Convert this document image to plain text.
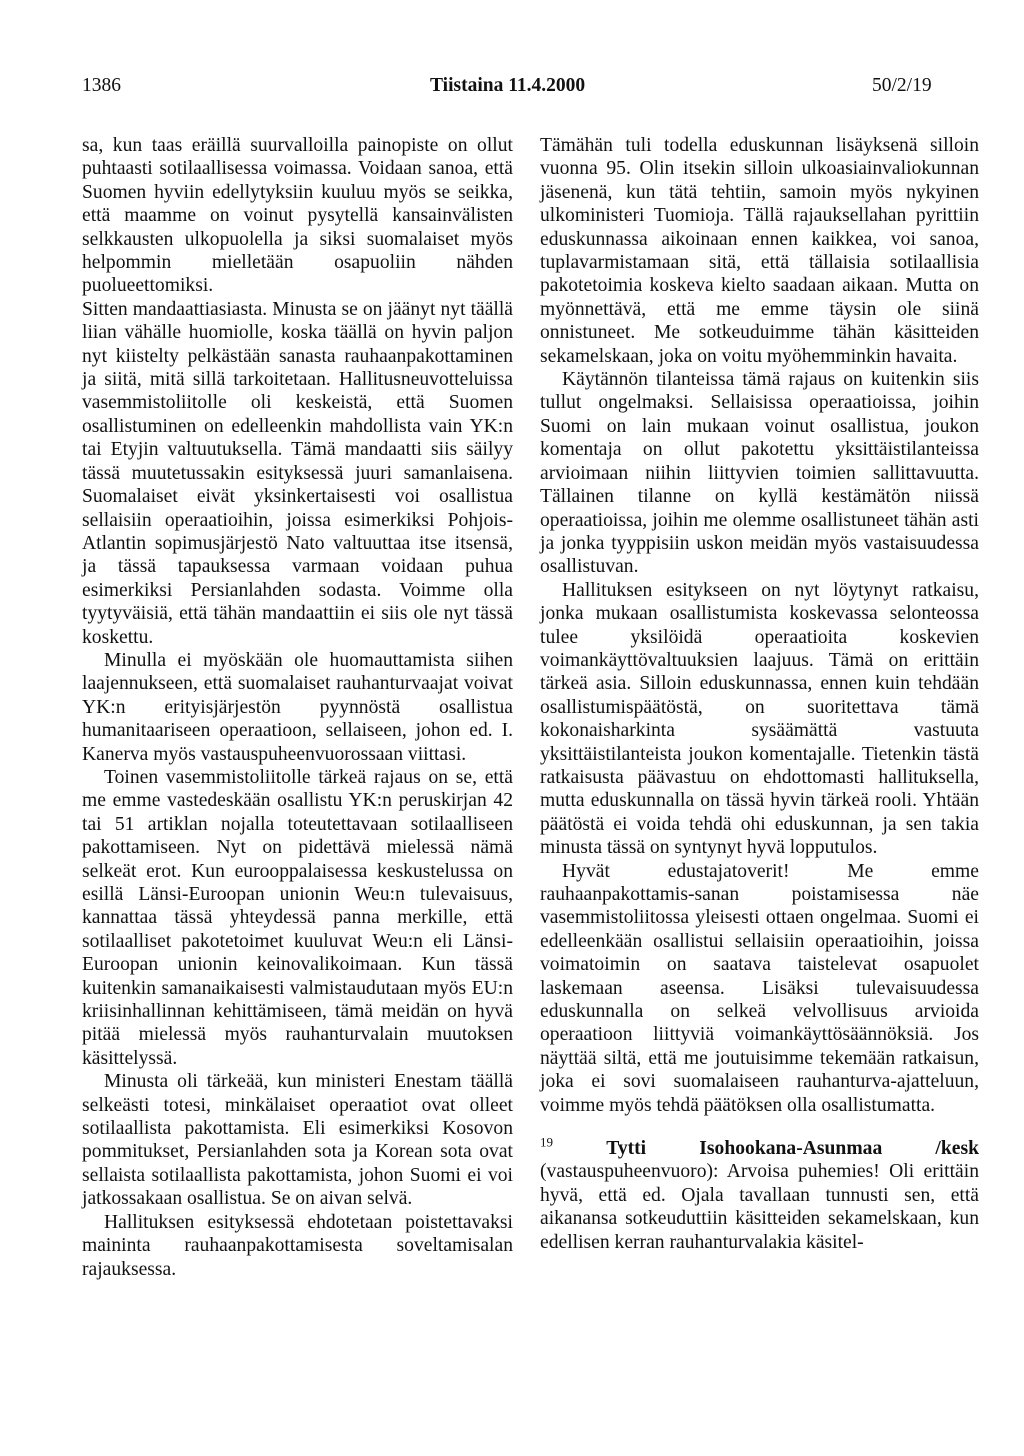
1386	Tiistaina 11.4.2000	50/2/19

sa, kun taas eräillä suurvalloilla painopiste on ollut puhtaasti sotilaallisessa voimassa. Voidaan sanoa, että Suomen hyviin edellytyksiin kuuluu myös se seikka, että maamme on voinut pysytellä kansainvälisten selkkausten ulkopuolella ja siksi suomalaiset myös helpommin mielletään osapuoliin nähden puolueettomiksi.

Sitten mandaattiasiasta. Minusta se on jäänyt nyt täällä liian vähälle huomiolle, koska täällä on hyvin paljon nyt kiistelty pelkästään sanasta rauhaanpakottaminen ja siitä, mitä sillä tarkoitetaan. Hallitusneuvotteluissa vasemmistoliitolle oli keskeistä, että Suomen osallistuminen on edelleenkin mahdollista vain YK:n tai Etyjin valtuutuksella. Tämä mandaatti siis säilyy tässä muutetussakin esityksessä juuri samanlaisena. Suomalaiset eivät yksinkertaisesti voi osallistua sellaisiin operaatioihin, joissa esimerkiksi Pohjois-Atlantin sopimusjärjestö Nato valtuuttaa itse itsensä, ja tässä tapauksessa varmaan voidaan puhua esimerkiksi Persianlahden sodasta. Voimme olla tyytyväisiä, että tähän mandaattiin ei siis ole nyt tässä koskettu.

Minulla ei myöskään ole huomauttamista siihen laajennukseen, että suomalaiset rauhanturvaajat voivat YK:n erityisjärjestön pyynnöstä osallistua humanitaariseen operaatioon, sellaiseen, johon ed. I. Kanerva myös vastauspuheenvuorossaan viittasi.

Toinen vasemmistoliitolle tärkeä rajaus on se, että me emme vastedeskään osallistu YK:n peruskirjan 42 tai 51 artiklan nojalla toteutettavaan sotilaalliseen pakottamiseen. Nyt on pidettävä mielessä nämä selkeät erot. Kun eurooppalaisessa keskustelussa on esillä Länsi-Euroopan unionin Weu:n tulevaisuus, kannattaa tässä yhteydessä panna merkille, että sotilaalliset pakotetoimet kuuluvat Weu:n eli Länsi-Euroopan unionin keinovalikoimaan. Kun tässä kuitenkin samanaikaisesti valmistaudutaan myös EU:n kriisinhallinnan kehittämiseen, tämä meidän on hyvä pitää mielessä myös rauhanturvalain muutoksen käsittelyssä.

Minusta oli tärkeää, kun ministeri Enestam täällä selkeästi totesi, minkälaiset operaatiot ovat olleet sotilaallista pakottamista. Eli esimerkiksi Kosovon pommitukset, Persianlahden sota ja Korean sota ovat sellaista sotilaallista pakottamista, johon Suomi ei voi jatkossakaan osallistua. Se on aivan selvä.

Hallituksen esityksessä ehdotetaan poistettavaksi maininta rauhaanpakottamisesta soveltamisalan rajauksessa.

Tämähän tuli todella eduskunnan lisäyksenä silloin vuonna 95. Olin itsekin silloin ulkoasiainvaliokunnan jäsenenä, kun tätä tehtiin, samoin myös nykyinen ulkoministeri Tuomioja. Tällä rajauksellahan pyrittiin eduskunnassa aikoinaan ennen kaikkea, voi sanoa, tuplavarmistamaan sitä, että tällaisia sotilaallisia pakotetoimia koskeva kielto saadaan aikaan. Mutta on myönnettävä, että me emme täysin ole siinä onnistuneet. Me sotkeuduimme tähän käsitteiden sekamelskaan, joka on voitu myöhemminkin havaita.

Käytännön tilanteissa tämä rajaus on kuitenkin siis tullut ongelmaksi. Sellaisissa operaatioissa, joihin Suomi on lain mukaan voinut osallistua, joukon komentaja on ollut pakotettu yksittäistilanteissa arvioimaan niihin liittyvien toimien sallittavuutta. Tällainen tilanne on kyllä kestämätön niissä operaatioissa, joihin me olemme osallistuneet tähän asti ja jonka tyyppisiin uskon meidän myös vastaisuudessa osallistuvan.

Hallituksen esitykseen on nyt löytynyt ratkaisu, jonka mukaan osallistumista koskevassa selonteossa tulee yksilöidä operaatioita koskevien voimankäyttövaltuuksien laajuus. Tämä on erittäin tärkeä asia. Silloin eduskunnassa, ennen kuin tehdään osallistumispäätöstä, on suoritettava tämä kokonaisharkinta sysäämättä vastuuta yksittäistilanteista joukon komentajalle. Tietenkin tästä ratkaisusta päävastuu on ehdottomasti hallituksella, mutta eduskunnalla on tässä hyvin tärkeä rooli. Yhtään päätöstä ei voida tehdä ohi eduskunnan, ja sen takia minusta tässä on syntynyt hyvä lopputulos.

Hyvät edustajatoverit! Me emme rauhaanpakottamis-sanan poistamisessa näe vasemmistoliitossa yleisesti ottaen ongelmaa. Suomi ei edelleenkään osallistui sellaisiin operaatioihin, joissa voimatoimin on saatava taistelevat osapuolet laskemaan aseensa. Lisäksi tulevaisuudessa eduskunnalla on selkeä velvollisuus arvioida operaatioon liittyviä voimankäyttösäännöksiä. Jos näyttää siltä, että me joutuisimme tekemään ratkaisun, joka ei sovi suomalaiseen rauhanturva-ajatteluun, voimme myös tehdä päätöksen olla osallistumatta.

$^{19}$	Tytti Isohookana-Asunmaa /kesk (vastauspuheenvuoro): Arvoisa puhemies! Oli erittäin hyvä, että ed. Ojala tavallaan tunnusti sen, että aikanansa sotkeuduttiin käsitteiden sekamelskaan, kun edellisen kerran rauhanturvalakia käsitel-
